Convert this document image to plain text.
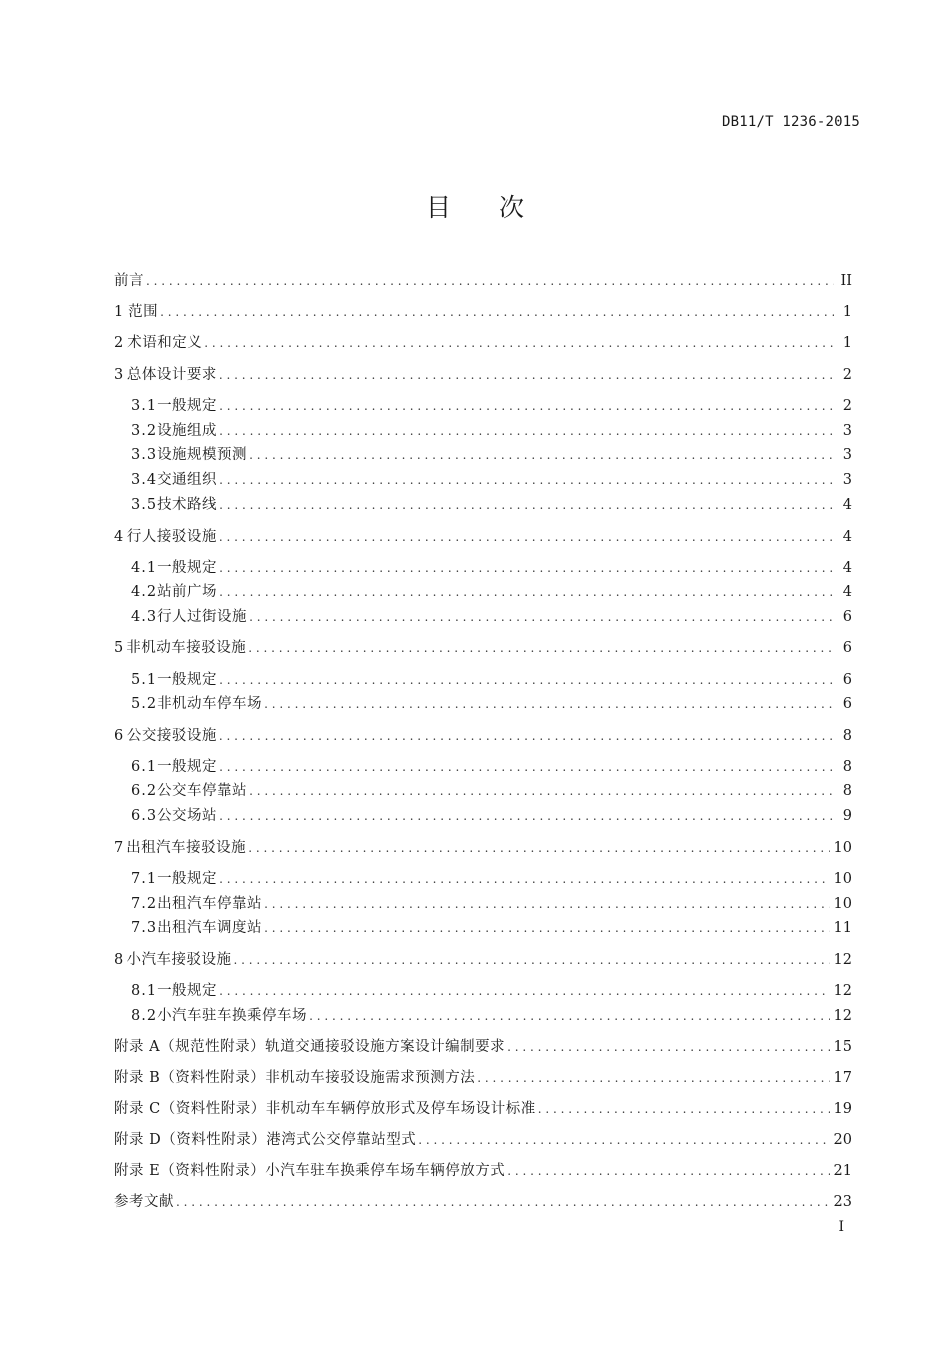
DB11/T 1236-2015
目 次
前言 . . .	II
1 范围 . . .	1
2 术语和定义 . . .	1
3 总体设计要求 . . .	2
3.1 一般规定 . . .	2
3.2 设施组成 . . .	3
3.3 设施规模预测 . . .	3
3.4 交通组织 . . .	3
3.5 技术路线 . . .	4
4 行人接驳设施 . . .	4
4.1 一般规定 . . .	4
4.2 站前广场 . . .	4
4.3 行人过街设施 . . .	6
5 非机动车接驳设施 . . .	6
5.1 一般规定 . . .	6
5.2 非机动车停车场 . . .	6
6 公交接驳设施 . . .	8
6.1 一般规定 . . .	8
6.2 公交车停靠站 . . .	8
6.3 公交场站 . . .	9
7 出租汽车接驳设施 . . .	10
7.1 一般规定 . . .	10
7.2 出租汽车停靠站 . . .	10
7.3 出租汽车调度站 . . .	11
8 小汽车接驳设施 . . .	12
8.1 一般规定 . . .	12
8.2 小汽车驻车换乘停车场 . . .	12
附录 A（规范性附录） 轨道交通接驳设施方案设计编制要求 . . .	15
附录 B（资料性附录） 非机动车接驳设施需求预测方法 . . .	17
附录 C（资料性附录） 非机动车车辆停放形式及停车场设计标准 . . .	19
附录 D（资料性附录） 港湾式公交停靠站型式 . . .	20
附录 E（资料性附录） 小汽车驻车换乘停车场车辆停放方式 . . .	21
参考文献 . . .	23
I
